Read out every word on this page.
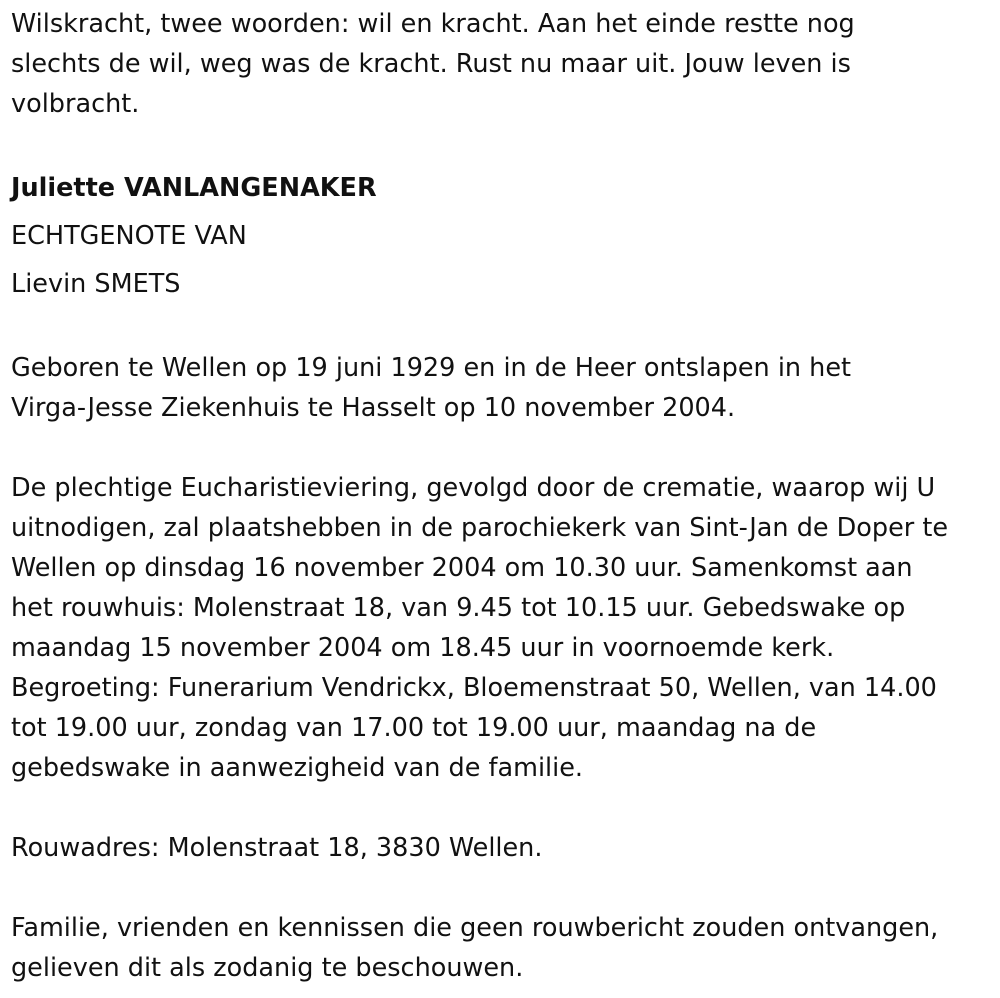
Wilskracht, twee woorden: wil en kracht. Aan het einde restte nog
slechts de wil, weg was de kracht. Rust nu maar uit. Jouw leven is
volbracht.
Juliette VANLANGENAKER
ECHTGENOTE VAN
Lievin SMETS
Geboren te Wellen op 19 juni 1929 en in de Heer ontslapen in het
Virga-Jesse Ziekenhuis te Hasselt op 10 november 2004.
De plechtige Eucharistieviering, gevolgd door de crematie, waarop wij U
uitnodigen, zal plaatshebben in de parochiekerk van Sint-Jan de Doper te
Wellen op dinsdag 16 november 2004 om 10.30 uur. Samenkomst aan
het rouwhuis: Molenstraat 18, van 9.45 tot 10.15 uur. Gebedswake op
maandag 15 november 2004 om 18.45 uur in voornoemde kerk.
Begroeting: Funerarium Vendrickx, Bloemenstraat 50, Wellen, van 14.00
tot 19.00 uur, zondag van 17.00 tot 19.00 uur, maandag na de
gebedswake in aanwezigheid van de familie.
Rouwadres: Molenstraat 18, 3830 Wellen.
Familie, vrienden en kennissen die geen rouwbericht zouden ontvangen,
gelieven dit als zodanig te beschouwen.
